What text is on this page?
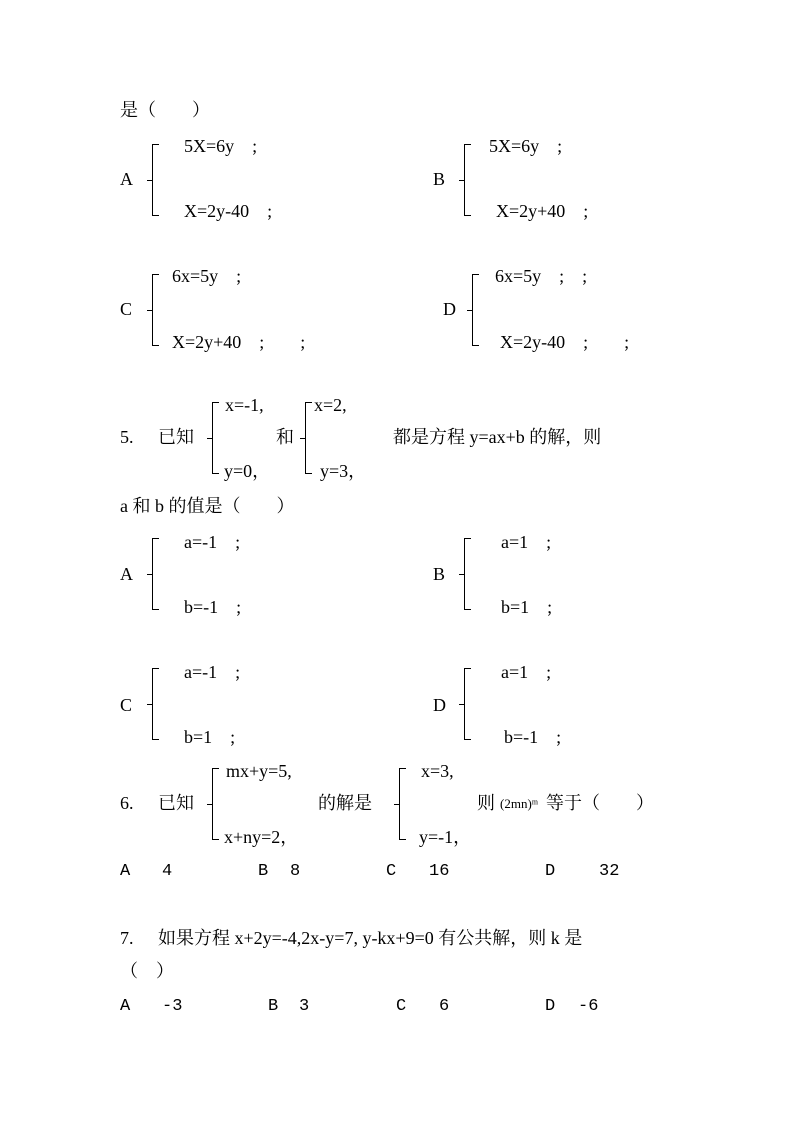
是（　　）
A
5X=6y　;
X=2y-40　;
B
5X=6y　;
X=2y+40　;
C
6x=5y　;
X=2y+40　;　　;
D
6x=5y　;　;
X=2y-40　;　　;
5. 已知
x=-1,
y=0，
和
x=2,
y=3，
都是方程 y=ax+b 的解，则
a 和 b 的值是（　　）
A
a=-1　;
b=-1　;
B
a=1　;
b=1　;
C
a=-1　;
b=1　;
D
a=1　;
b=-1　;
6. 已知
mx+y=5,
x+ny=2，
的解是
x=3,
y=-1，
则 (2mn)ᵐ 等于（　　）
A 4	B 8	C 16	D	32
7. 如果方程 x+2y=-4,2x-y=7, y-kx+9=0 有公共解，则 k 是
（　）
A -3	B 3	C 6	D -6
